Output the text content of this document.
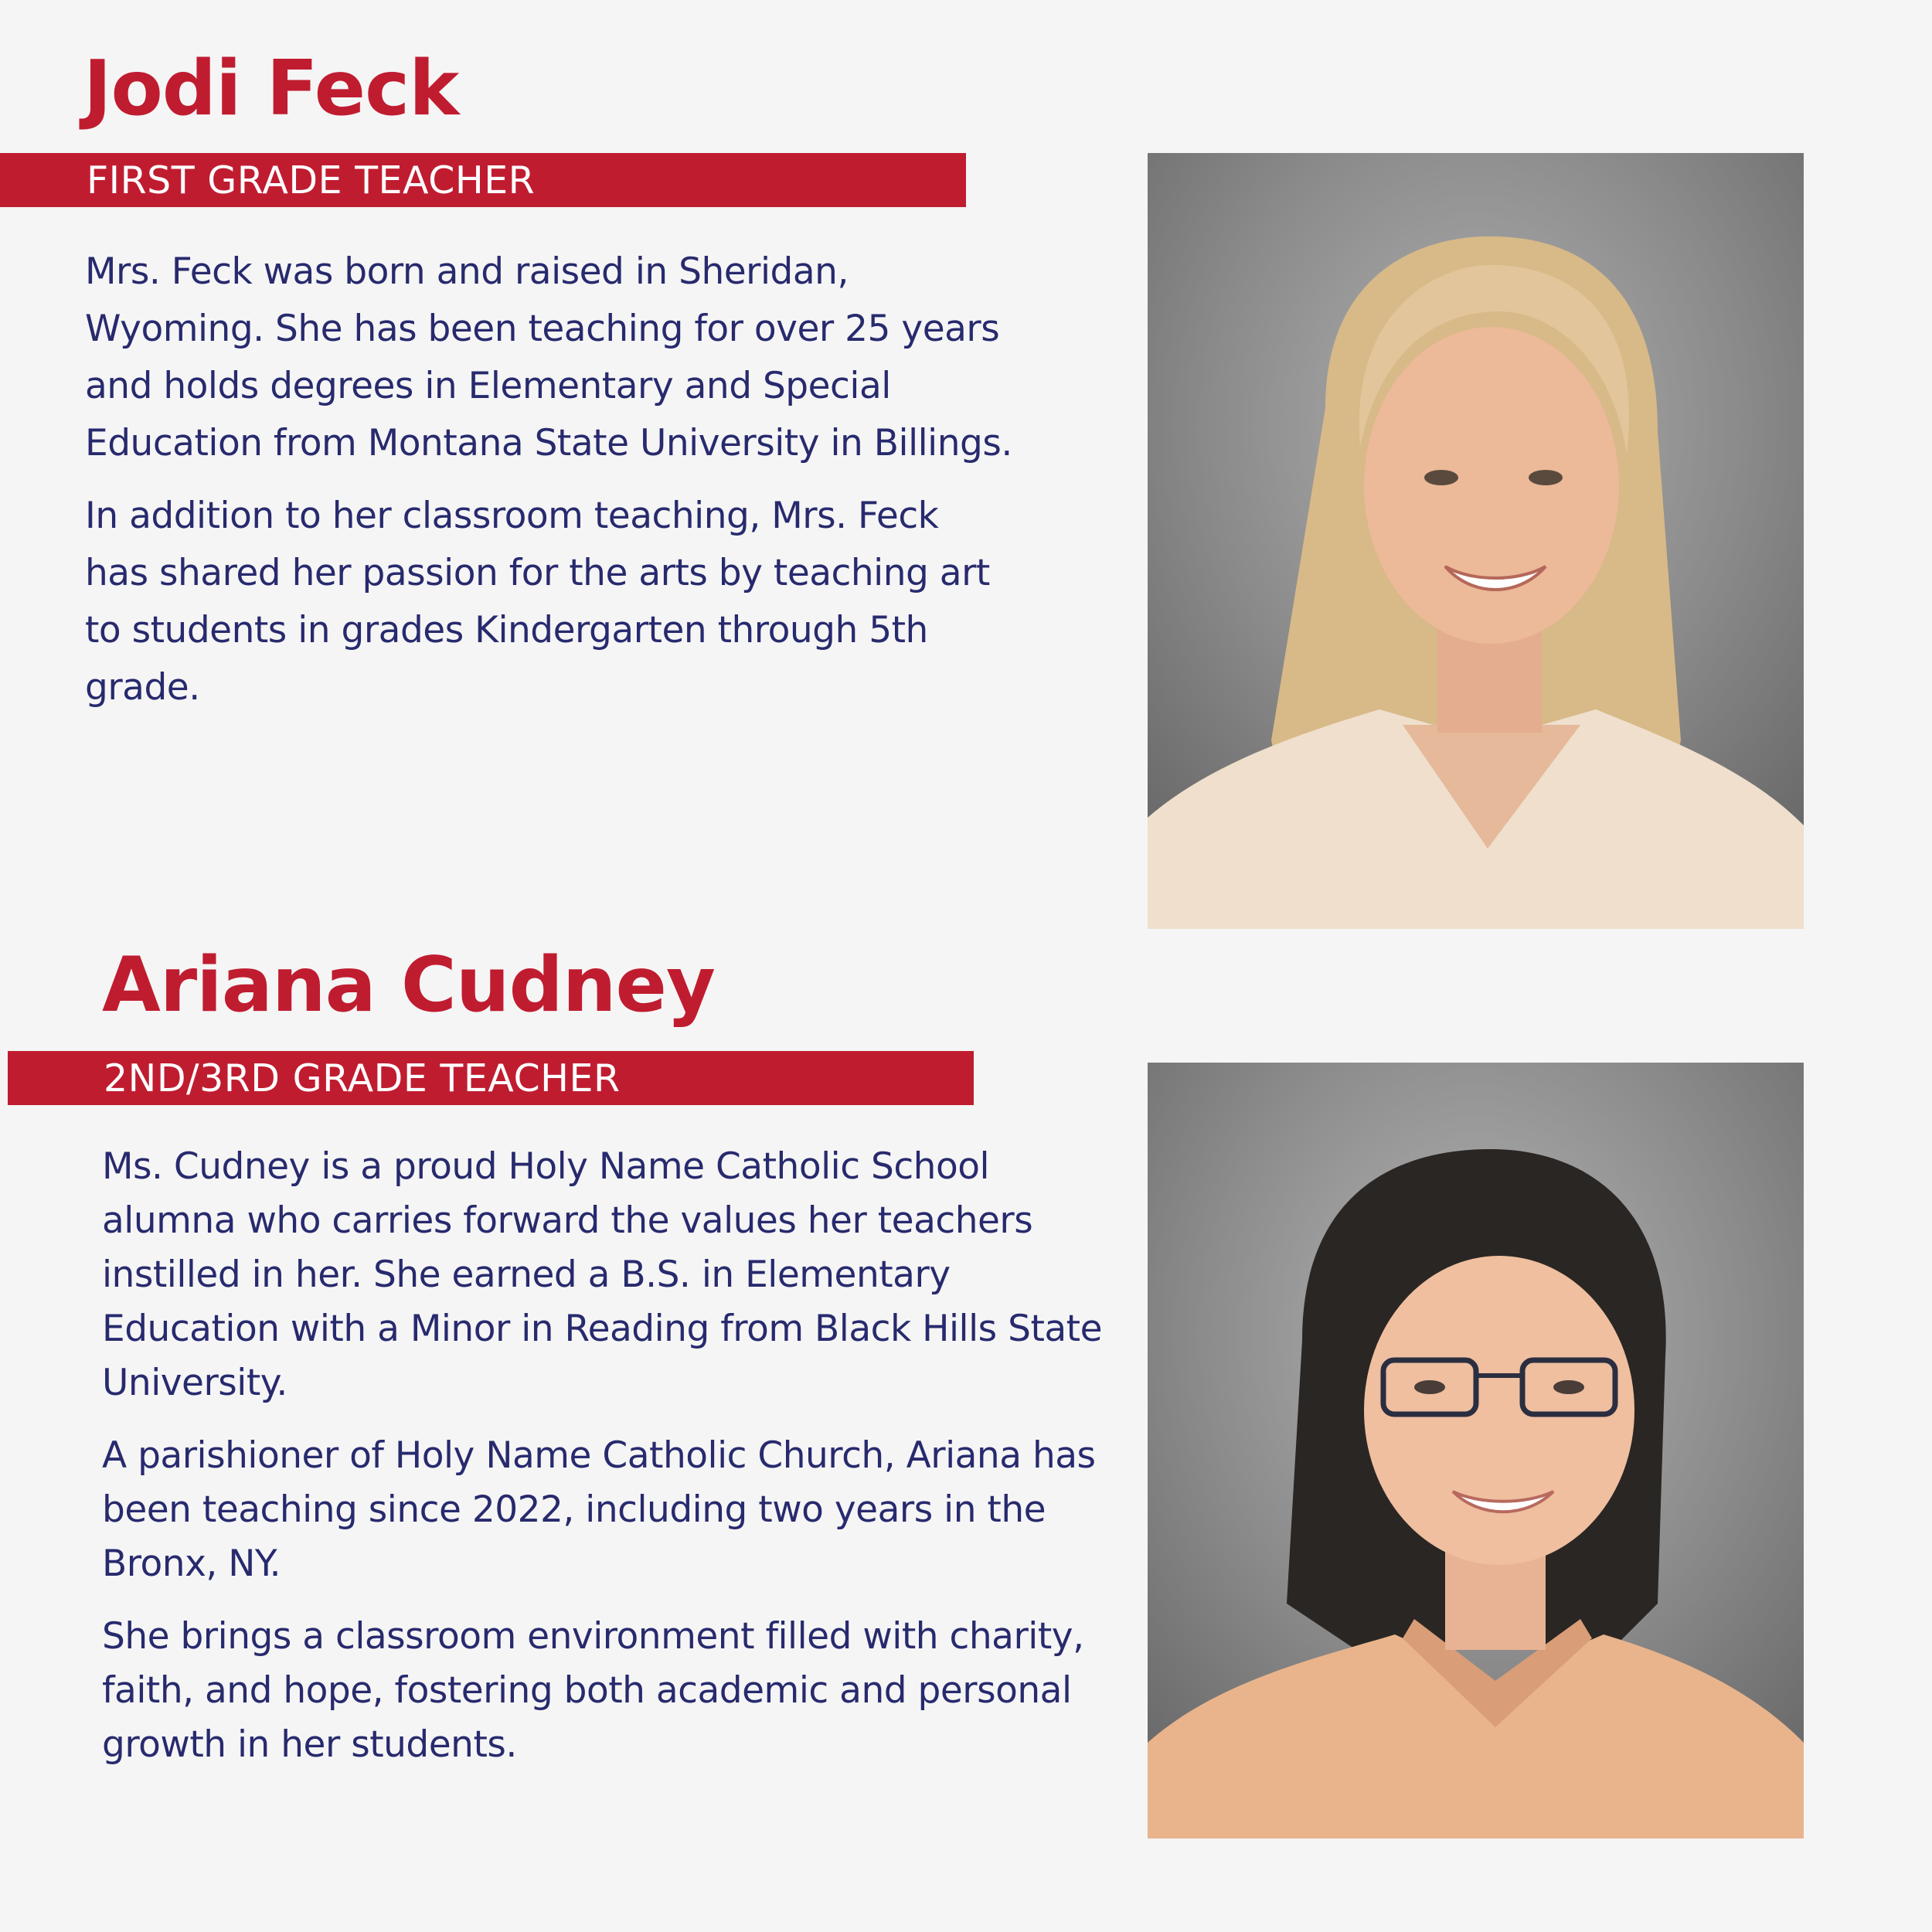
Jodi Feck
FIRST GRADE TEACHER

Mrs. Feck was born and raised in Sheridan, Wyoming. She has been teaching for over 25 years and holds degrees in Elementary and Special Education from Montana State University in Billings.

In addition to her classroom teaching, Mrs. Feck has shared her passion for the arts by teaching art to students in grades Kindergarten through 5th grade.

Ariana Cudney
2ND/3RD GRADE TEACHER

Ms. Cudney is a proud Holy Name Catholic School alumna who carries forward the values her teachers instilled in her. She earned a B.S. in Elementary Education with a Minor in Reading from Black Hills State University.

A parishioner of Holy Name Catholic Church, Ariana has been teaching since 2022, including two years in the Bronx, NY.

She brings a classroom environment filled with charity, faith, and hope, fostering both academic and personal growth in her students.
